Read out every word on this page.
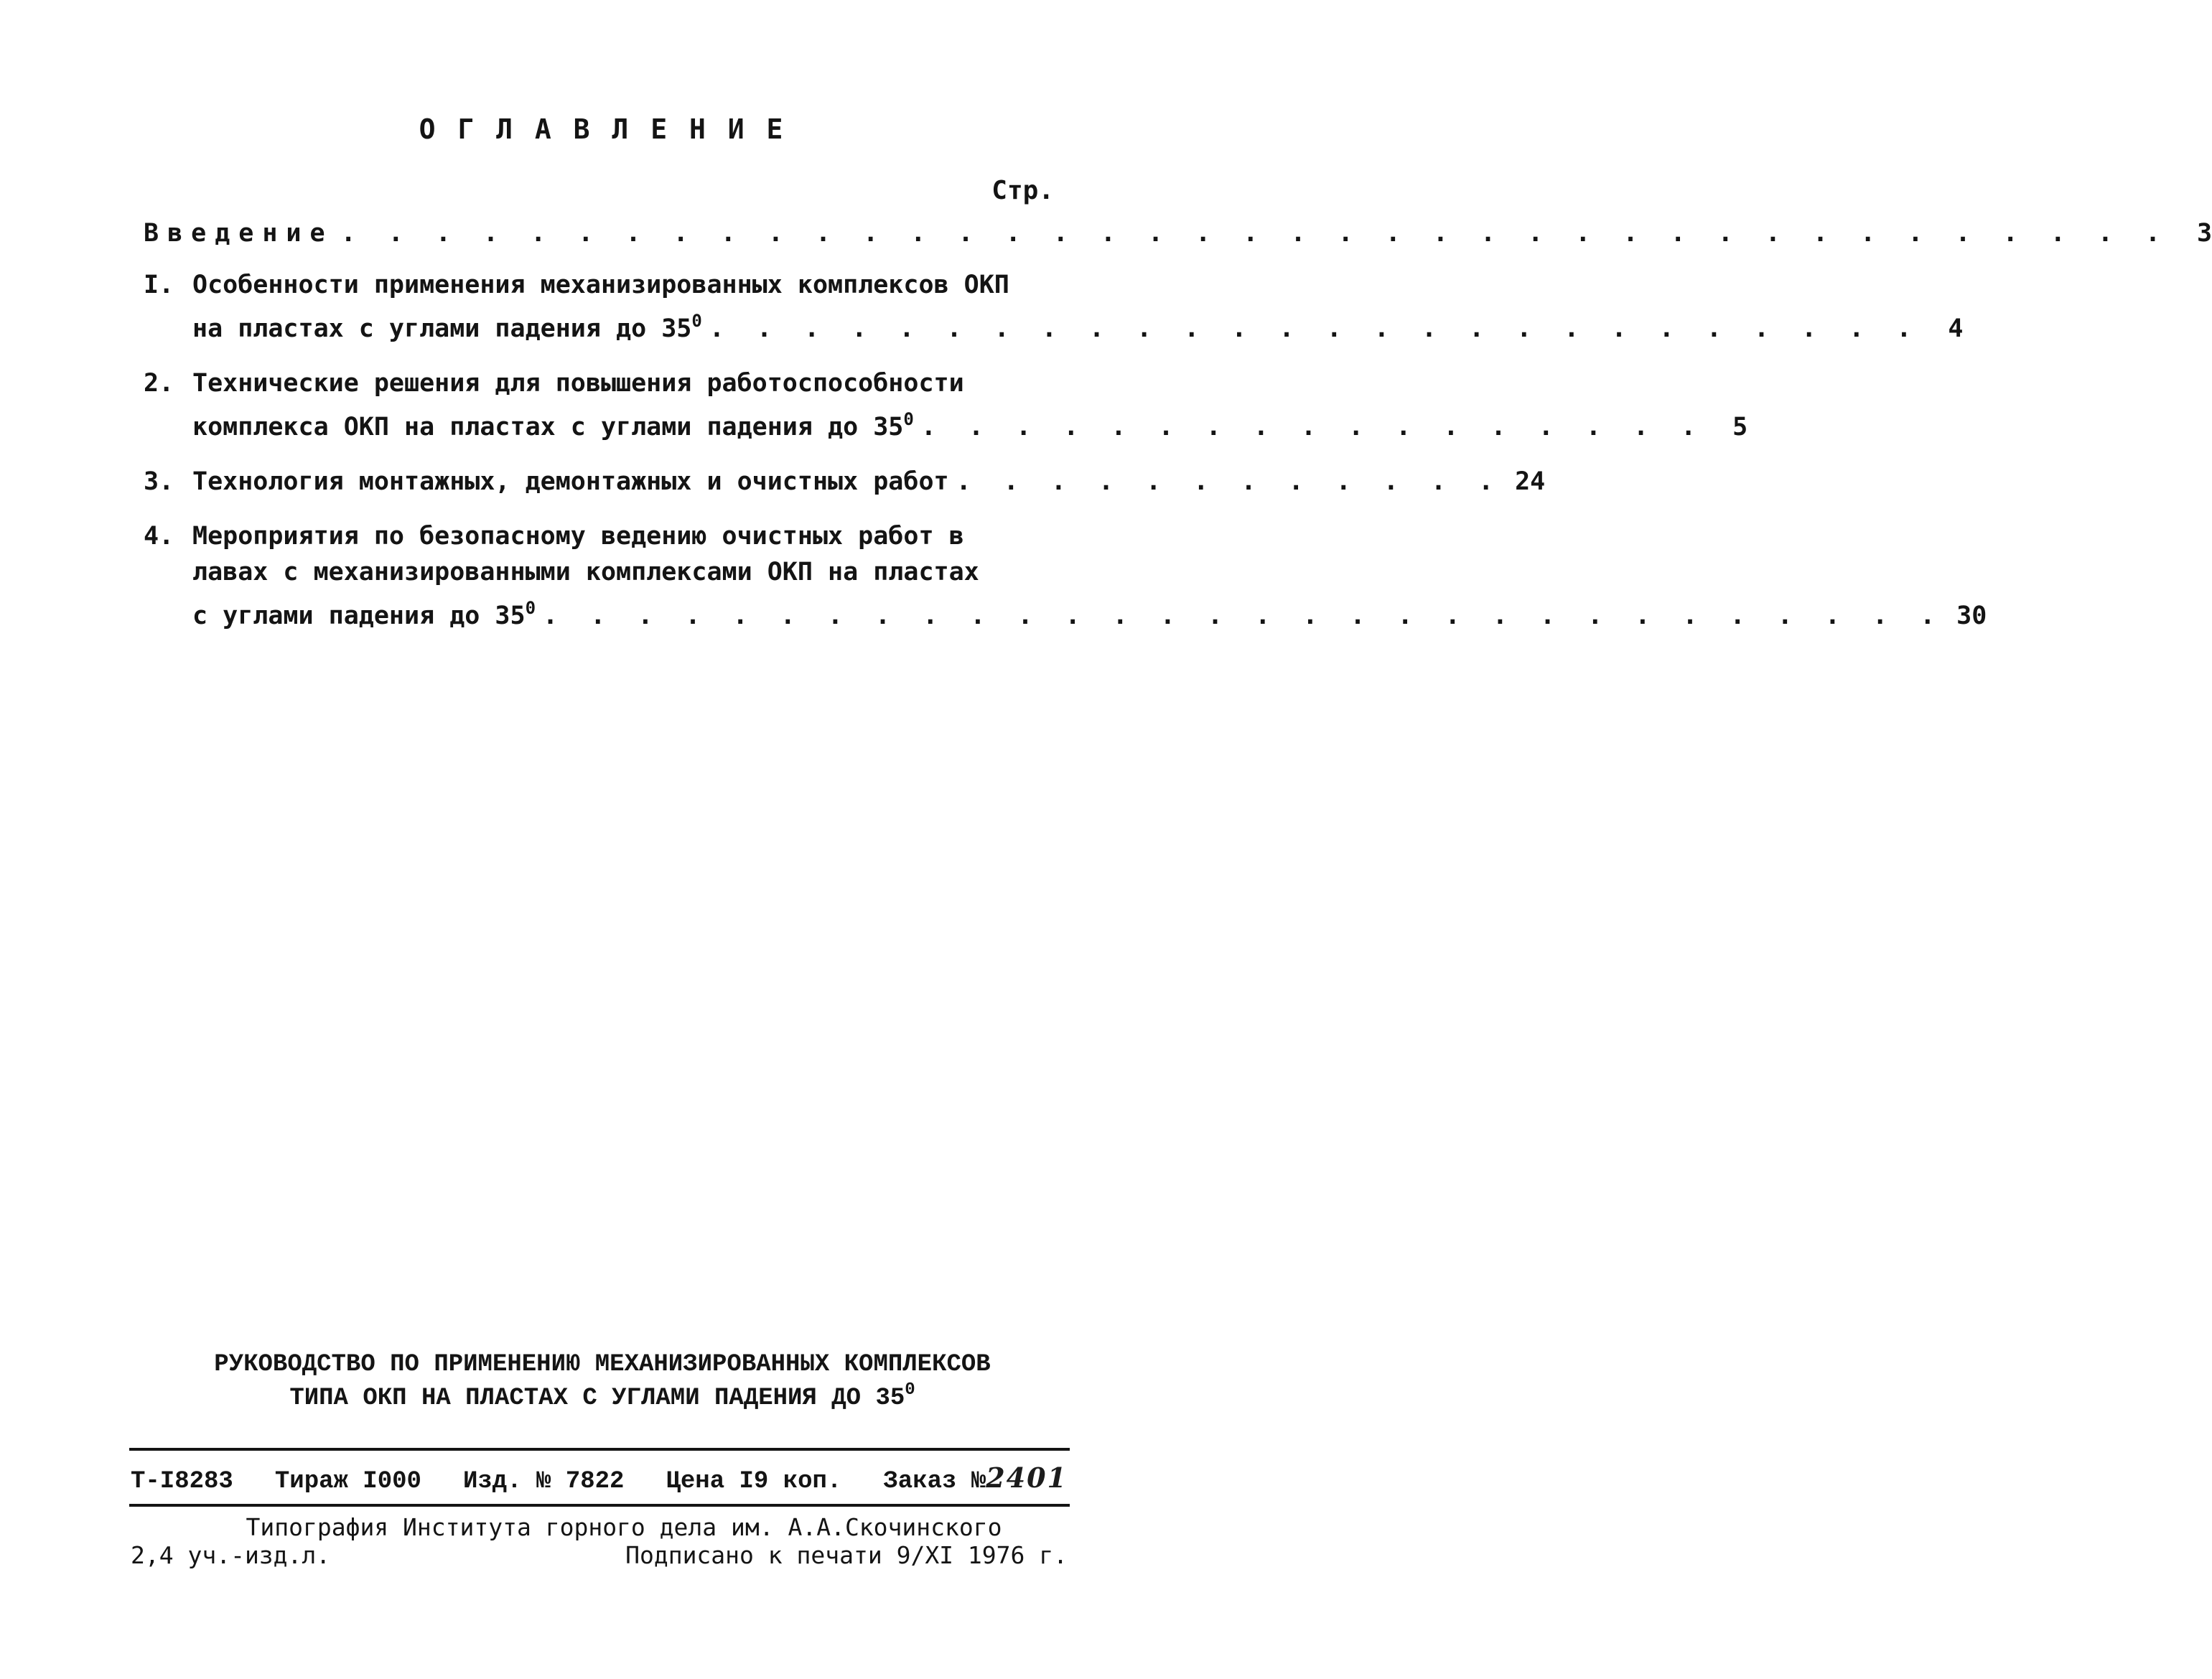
О Г Л А В Л Е Н И Е
Стр.
Введение . . . . . . . . . . . . . . . . . . . . . . . . . . . . . . . . . . . . . . .	3
I. Особенности применения механизированных комплексов ОКП
на пластах с углами падения до $35^0$ . . . . . . . . . . . . . . . . . . . . . . . . . .	4
2. Технические решения для повышения работоспособности
комплекса ОКП на пластах с углами падения до $35^0$ . . . . . . . . . . . . . . . . .	5
3. Технология монтажных, демонтажных и очистных работ . . . . . . . . . . . . 24
4. Мероприятия по безопасному ведению очистных работ в
лавах с механизированными комплексами ОКП на пластах
с углами падения до $35^0$ . . . . . . . . . . . . . . . . . . . . . . . . . . . . . . 30
РУКОВОДСТВО ПО ПРИМЕНЕНИЮ МЕХАНИЗИРОВАННЫХ КОМПЛЕКСОВ
ТИПА ОКП НА ПЛАСТАХ С УГЛАМИ ПАДЕНИЯ ДО $35^0$
Т-I8283 Тираж I000 Изд. № 7822 Цена I9 коп. Заказ №2401
Типография Института горного дела им. А.А.Скочинского
2,4 уч.-изд.л.	Подписано к печати 9/XI 1976 г.
